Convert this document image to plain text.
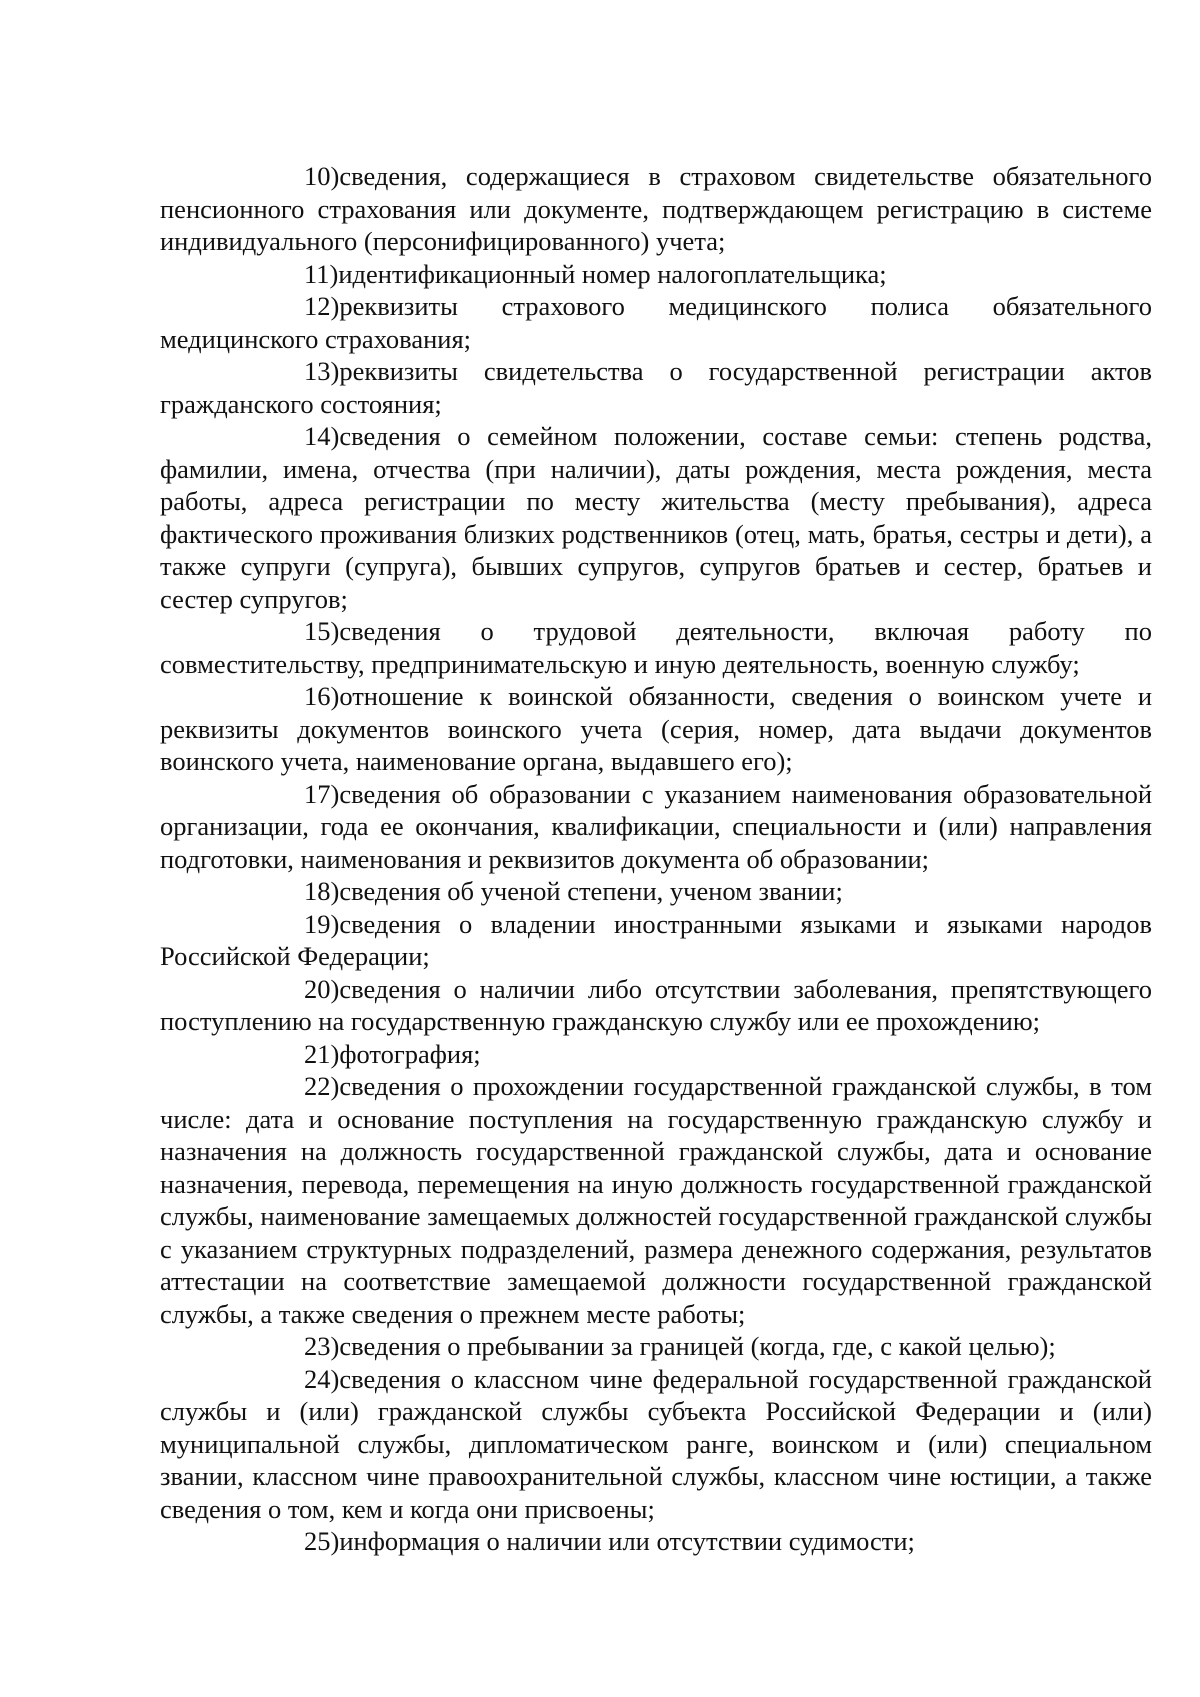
10)сведения, содержащиеся в страховом свидетельстве обязательного пенсионного страхования или документе, подтверждающем регистрацию в системе индивидуального (персонифицированного) учета;

11)идентификационный номер налогоплательщика;

12)реквизиты страхового медицинского полиса обязательного медицинского страхования;

13)реквизиты свидетельства о государственной регистрации актов гражданского состояния;

14)сведения о семейном положении, составе семьи: степень родства, фамилии, имена, отчества (при наличии), даты рождения, места рождения, места работы, адреса регистрации по месту жительства (месту пребывания), адреса фактического проживания близких родственников (отец, мать, братья, сестры и дети), а также супруги (супруга), бывших супругов, супругов братьев и сестер, братьев и сестер супругов;

15)сведения о трудовой деятельности, включая работу по совместительству, предпринимательскую и иную деятельность, военную службу;

16)отношение к воинской обязанности, сведения о воинском учете и реквизиты документов воинского учета (серия, номер, дата выдачи документов воинского учета, наименование органа, выдавшего его);

17)сведения об образовании с указанием наименования образовательной организации, года ее окончания, квалификации, специальности и (или) направления подготовки, наименования и реквизитов документа об образовании;

18)сведения об ученой степени, ученом звании;

19)сведения о владении иностранными языками и языками народов Российской Федерации;

20)сведения о наличии либо отсутствии заболевания, препятствующего поступлению на государственную гражданскую службу или ее прохождению;

21)фотография;

22)сведения о прохождении государственной гражданской службы, в том числе: дата и основание поступления на государственную гражданскую службу и назначения на должность государственной гражданской службы, дата и основание назначения, перевода, перемещения на иную должность государственной гражданской службы, наименование замещаемых должностей государственной гражданской службы с указанием структурных подразделений, размера денежного содержания, результатов аттестации на соответствие замещаемой должности государственной гражданской службы, а также сведения о прежнем месте работы;

23)сведения о пребывании за границей (когда, где, с какой целью);

24)сведения о классном чине федеральной государственной гражданской службы и (или) гражданской службы субъекта Российской Федерации и (или) муниципальной службы, дипломатическом ранге, воинском и (или) специальном звании, классном чине правоохранительной службы, классном чине юстиции, а также сведения о том, кем и когда они присвоены;

25)информация о наличии или отсутствии судимости;
